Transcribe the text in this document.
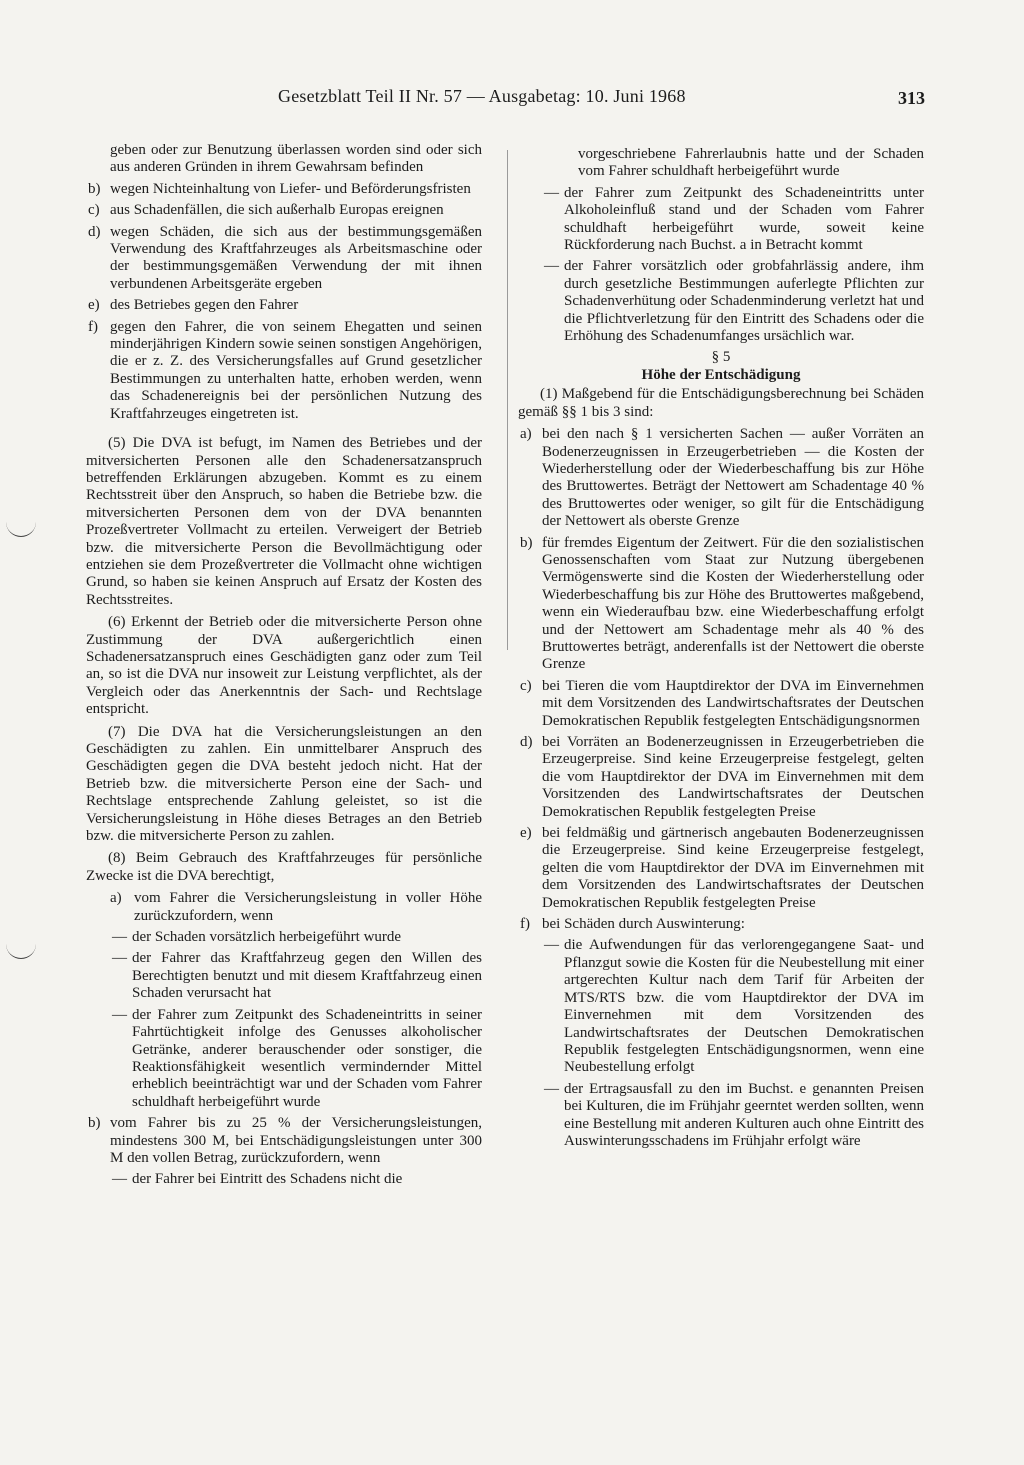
Gesetzblatt Teil II Nr. 57 — Ausgabetag: 10. Juni 1968	313

geben oder zur Benutzung überlassen worden sind oder sich aus anderen Gründen in ihrem Gewahrsam befinden

b) wegen Nichteinhaltung von Liefer- und Beförderungsfristen
c) aus Schadenfällen, die sich außerhalb Europas ereignen
d) wegen Schäden, die sich aus der bestimmungsgemäßen Verwendung des Kraftfahrzeuges als Arbeitsmaschine oder der bestimmungsgemäßen Verwendung der mit ihnen verbundenen Arbeitsgeräte ergeben
e) des Betriebes gegen den Fahrer
f) gegen den Fahrer, die von seinem Ehegatten und seinen minderjährigen Kindern sowie seinen sonstigen Angehörigen, die er z. Z. des Versicherungsfalles auf Grund gesetzlicher Bestimmungen zu unterhalten hatte, erhoben werden, wenn das Schadenereignis bei der persönlichen Nutzung des Kraftfahrzeuges eingetreten ist.

(5) Die DVA ist befugt, im Namen des Betriebes und der mitversicherten Personen alle den Schadenersatzanspruch betreffenden Erklärungen abzugeben. Kommt es zu einem Rechtsstreit über den Anspruch, so haben die Betriebe bzw. die mitversicherten Personen dem von der DVA benannten Prozeßvertreter Vollmacht zu erteilen. Verweigert der Betrieb bzw. die mitversicherte Person die Bevollmächtigung oder entziehen sie dem Prozeßvertreter die Vollmacht ohne wichtigen Grund, so haben sie keinen Anspruch auf Ersatz der Kosten des Rechtsstreites.

(6) Erkennt der Betrieb oder die mitversicherte Person ohne Zustimmung der DVA außergerichtlich einen Schadenersatzanspruch eines Geschädigten ganz oder zum Teil an, so ist die DVA nur insoweit zur Leistung verpflichtet, als der Vergleich oder das Anerkenntnis der Sach- und Rechtslage entspricht.

(7) Die DVA hat die Versicherungsleistungen an den Geschädigten zu zahlen. Ein unmittelbarer Anspruch des Geschädigten gegen die DVA besteht jedoch nicht. Hat der Betrieb bzw. die mitversicherte Person eine der Sach- und Rechtslage entsprechende Zahlung geleistet, so ist die Versicherungsleistung in Höhe dieses Betrages an den Betrieb bzw. die mitversicherte Person zu zahlen.

(8) Beim Gebrauch des Kraftfahrzeuges für persönliche Zwecke ist die DVA berechtigt,

a) vom Fahrer die Versicherungsleistung in voller Höhe zurückzufordern, wenn
— der Schaden vorsätzlich herbeigeführt wurde
— der Fahrer das Kraftfahrzeug gegen den Willen des Berechtigten benutzt und mit diesem Kraftfahrzeug einen Schaden verursacht hat
— der Fahrer zum Zeitpunkt des Schadeneintritts in seiner Fahrtüchtigkeit infolge des Genusses alkoholischer Getränke, anderer berauschender oder sonstiger, die Reaktionsfähigkeit wesentlich vermindernder Mittel erheblich beeinträchtigt war und der Schaden vom Fahrer schuldhaft herbeigeführt wurde
b) vom Fahrer bis zu 25 % der Versicherungsleistungen, mindestens 300 M, bei Entschädigungsleistungen unter 300 M den vollen Betrag, zurückzufordern, wenn
— der Fahrer bei Eintritt des Schadens nicht die

vorgeschriebene Fahrerlaubnis hatte und der Schaden vom Fahrer schuldhaft herbeigeführt wurde

— der Fahrer zum Zeitpunkt des Schadeneintritts unter Alkoholeinfluß stand und der Schaden vom Fahrer schuldhaft herbeigeführt wurde, soweit keine Rückforderung nach Buchst. a in Betracht kommt
— der Fahrer vorsätzlich oder grobfahrlässig andere, ihm durch gesetzliche Bestimmungen auferlegte Pflichten zur Schadenverhütung oder Schadenminderung verletzt hat und die Pflichtverletzung für den Eintritt des Schadens oder die Erhöhung des Schadenumfanges ursächlich war.

§ 5

Höhe der Entschädigung

(1) Maßgebend für die Entschädigungsberechnung bei Schäden gemäß §§ 1 bis 3 sind:

a) bei den nach § 1 versicherten Sachen — außer Vorräten an Bodenerzeugnissen in Erzeugerbetrieben — die Kosten der Wiederherstellung oder der Wiederbeschaffung bis zur Höhe des Bruttowertes. Beträgt der Nettowert am Schadentage 40 % des Bruttowertes oder weniger, so gilt für die Entschädigung der Nettowert als oberste Grenze
b) für fremdes Eigentum der Zeitwert. Für die den sozialistischen Genossenschaften vom Staat zur Nutzung übergebenen Vermögenswerte sind die Kosten der Wiederherstellung oder Wiederbeschaffung bis zur Höhe des Bruttowertes maßgebend, wenn ein Wiederaufbau bzw. eine Wiederbeschaffung erfolgt und der Nettowert am Schadentage mehr als 40 % des Bruttowertes beträgt, anderenfalls ist der Nettowert die oberste Grenze
c) bei Tieren die vom Hauptdirektor der DVA im Einvernehmen mit dem Vorsitzenden des Landwirtschaftsrates der Deutschen Demokratischen Republik festgelegten Entschädigungsnormen
d) bei Vorräten an Bodenerzeugnissen in Erzeugerbetrieben die Erzeugerpreise. Sind keine Erzeugerpreise festgelegt, gelten die vom Hauptdirektor der DVA im Einvernehmen mit dem Vorsitzenden des Landwirtschaftsrates der Deutschen Demokratischen Republik festgelegten Preise
e) bei feldmäßig und gärtnerisch angebauten Bodenerzeugnissen die Erzeugerpreise. Sind keine Erzeugerpreise festgelegt, gelten die vom Hauptdirektor der DVA im Einvernehmen mit dem Vorsitzenden des Landwirtschaftsrates der Deutschen Demokratischen Republik festgelegten Preise
f) bei Schäden durch Auswinterung:
— die Aufwendungen für das verlorengegangene Saat- und Pflanzgut sowie die Kosten für die Neubestellung mit einer artgerechten Kultur nach dem Tarif für Arbeiten der MTS/RTS bzw. die vom Hauptdirektor der DVA im Einvernehmen mit dem Vorsitzenden des Landwirtschaftsrates der Deutschen Demokratischen Republik festgelegten Entschädigungsnormen, wenn eine Neubestellung erfolgt
— der Ertragsausfall zu den im Buchst. e genannten Preisen bei Kulturen, die im Frühjahr geerntet werden sollten, wenn eine Bestellung mit anderen Kulturen auch ohne Eintritt des Auswinterungsschadens im Frühjahr erfolgt wäre
